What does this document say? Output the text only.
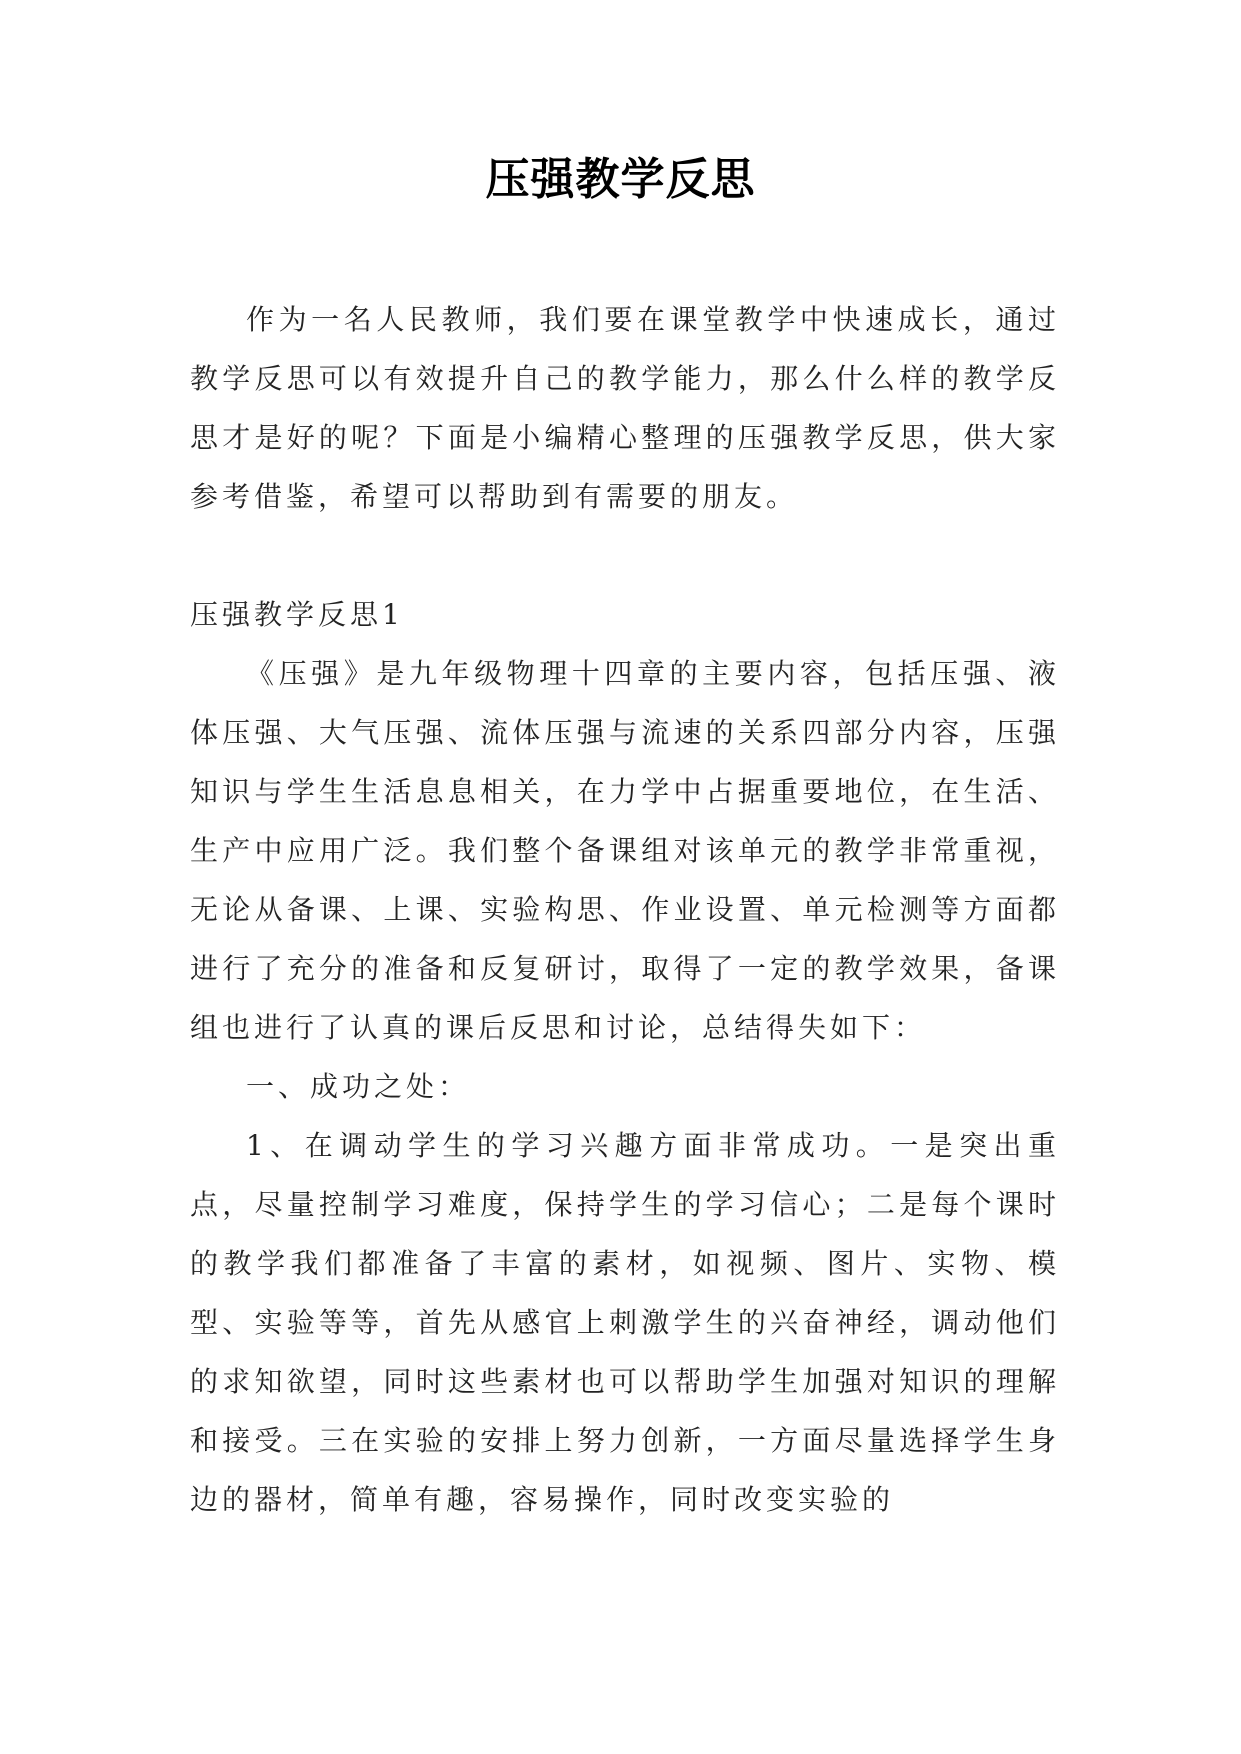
压强教学反思

作为一名人民教师，我们要在课堂教学中快速成长，通过教学反思可以有效提升自己的教学能力，那么什么样的教学反思才是好的呢？下面是小编精心整理的压强教学反思，供大家参考借鉴，希望可以帮助到有需要的朋友。

压强教学反思1

《压强》是九年级物理十四章的主要内容，包括压强、液体压强、大气压强、流体压强与流速的关系四部分内容，压强知识与学生生活息息相关，在力学中占据重要地位，在生活、生产中应用广泛。我们整个备课组对该单元的教学非常重视，无论从备课、上课、实验构思、作业设置、单元检测等方面都进行了充分的准备和反复研讨，取得了一定的教学效果，备课组也进行了认真的课后反思和讨论，总结得失如下：

一、成功之处：

1、在调动学生的学习兴趣方面非常成功。一是突出重点，尽量控制学习难度，保持学生的学习信心；二是每个课时的教学我们都准备了丰富的素材，如视频、图片、实物、模型、实验等等，首先从感官上刺激学生的兴奋神经，调动他们的求知欲望，同时这些素材也可以帮助学生加强对知识的理解和接受。三在实验的安排上努力创新，一方面尽量选择学生身边的器材，简单有趣，容易操作，同时改变实验的
